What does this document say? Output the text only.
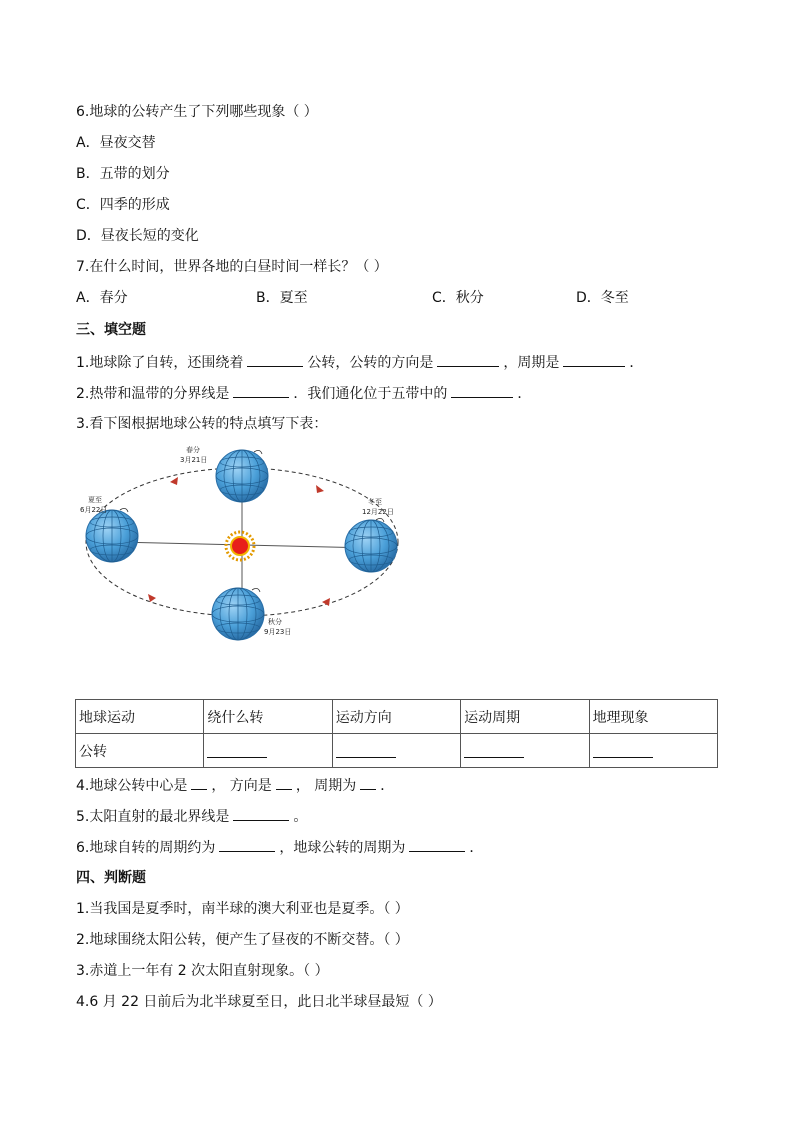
6.地球的公转产生了下列哪些现象（ ）
A．昼夜交替
B．五带的划分
C．四季的形成
D．昼夜长短的变化
7.在什么时间，世界各地的白昼时间一样长？（ ）
A．春分	B．夏至	C．秋分	D．冬至
三、填空题
1.地球除了自转，还围绕着	公转，公转的方向是	，周期是	．
2.热带和温带的分界线是	．我们通化位于五带中的	．
3.看下图根据地球公转的特点填写下表：
春分
3月21日
夏至
6月22日
冬至
12月22日
秋分
9月23日
地球运动	绕什么转	运动方向	运动周期	地理现象
公转				
4.地球公转中心是 ， 方向是 ， 周期为 ．
5.太阳直射的最北界线是	。
6.地球自转的周期约为	，地球公转的周期为	．
四、判断题
1.当我国是夏季时，南半球的澳大利亚也是夏季。（ ）
2.地球围绕太阳公转，便产生了昼夜的不断交替。（ ）
3.赤道上一年有 2 次太阳直射现象。（ ）
4.6 月 22 日前后为北半球夏至日，此日北半球昼最短（ ）
